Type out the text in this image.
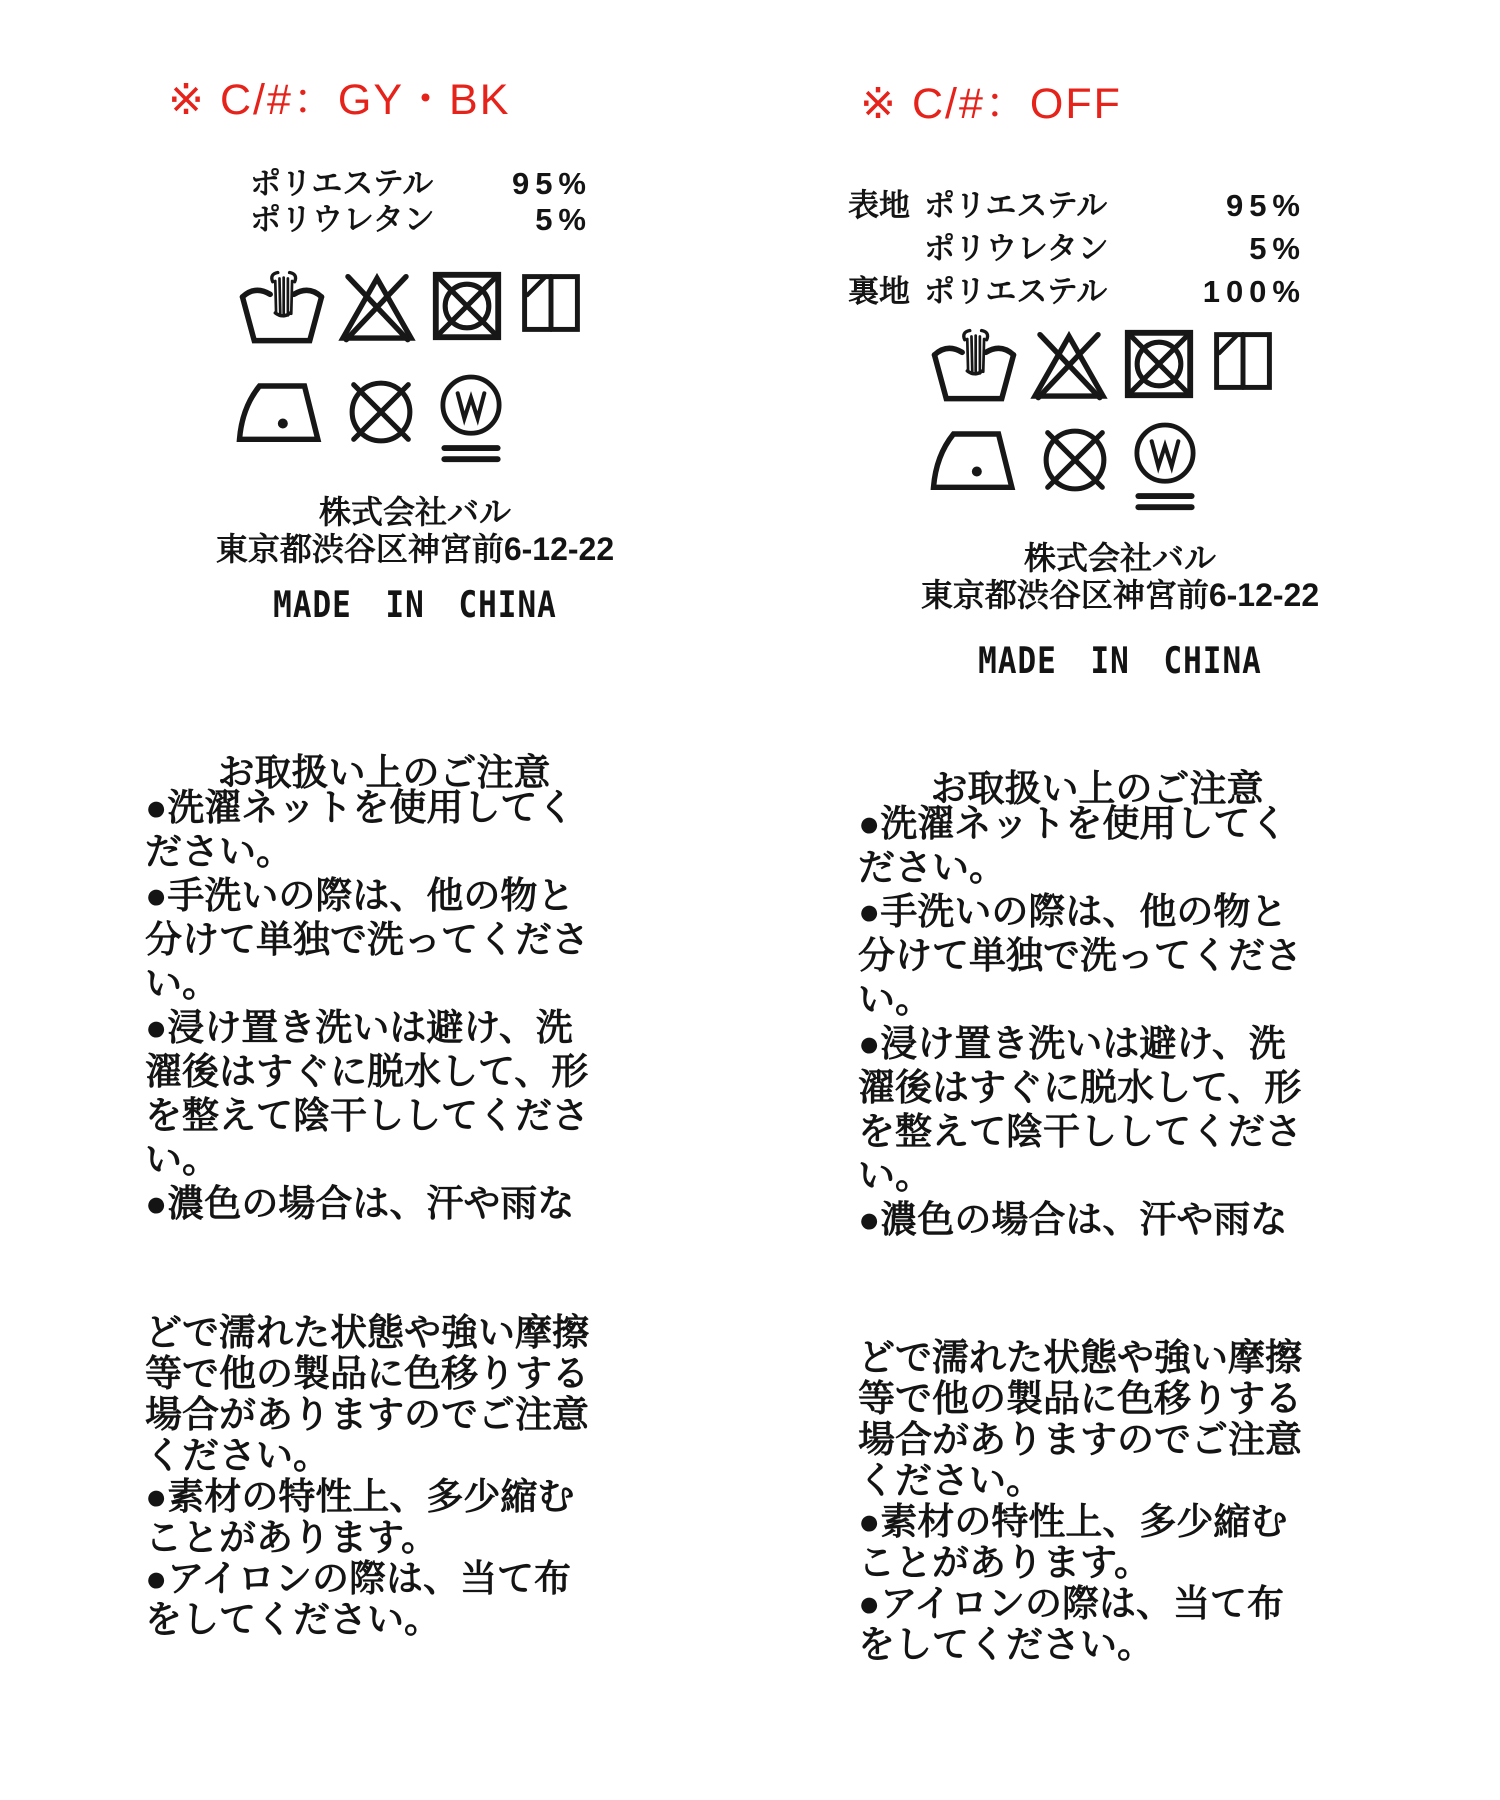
※ C/#：GY・BK
ポリエステル	95%
ポリウレタン	5%
株式会社バル
東京都渋谷区神宮前6-12-22
MADE IN CHINA
お取扱い上のご注意
●洗濯ネットを使用してく
ださい。
●手洗いの際は、他の物と
分けて単独で洗ってくださ
い。
●浸け置き洗いは避け、洗
濯後はすぐに脱水して、形
を整えて陰干ししてくださ
い。
●濃色の場合は、汗や雨な
どで濡れた状態や強い摩擦
等で他の製品に色移りする
場合がありますのでご注意
ください。
●素材の特性上、多少縮む
ことがあります。
●アイロンの際は、当て布
をしてください。
※ C/#：OFF
表地 ポリエステル	95%
ポリウレタン	5%
裏地 ポリエステル	100%
株式会社バル
東京都渋谷区神宮前6-12-22
MADE IN CHINA
お取扱い上のご注意
●洗濯ネットを使用してく
ださい。
●手洗いの際は、他の物と
分けて単独で洗ってくださ
い。
●浸け置き洗いは避け、洗
濯後はすぐに脱水して、形
を整えて陰干ししてくださ
い。
●濃色の場合は、汗や雨な
どで濡れた状態や強い摩擦
等で他の製品に色移りする
場合がありますのでご注意
ください。
●素材の特性上、多少縮む
ことがあります。
●アイロンの際は、当て布
をしてください。
